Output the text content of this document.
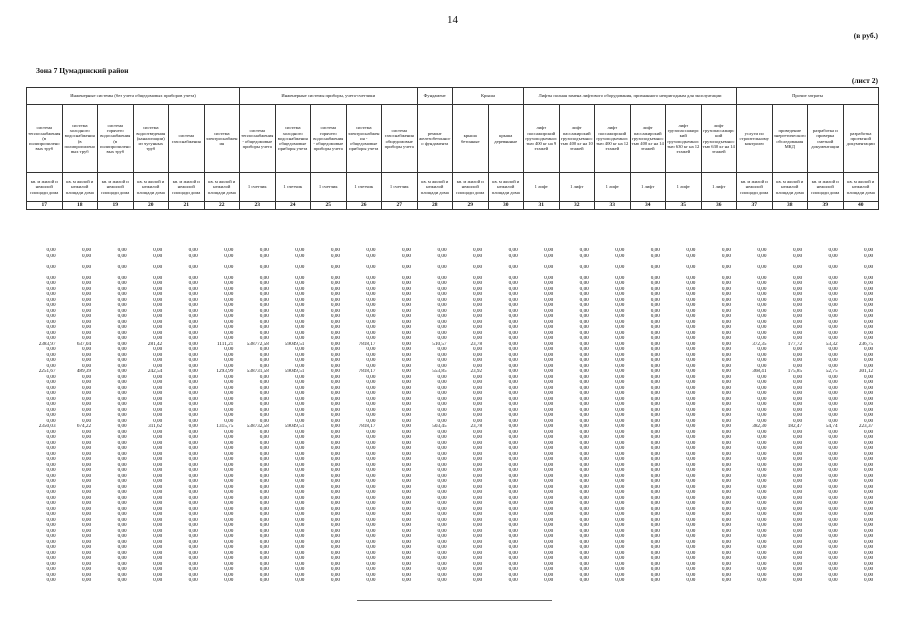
14
(в руб.)
Зона 7 Цумадинский район
(лист 2)
Инженерные системы (без учета общедомовых приборов учета)						Инженерные системы приборы, учета-счетчики					Фундамент	Крыша		Лифты полная замена лифтового оборудования, признанного непригодным для эксплуатации						Прочие затраты			
система теплоснабжения (в полипропиленовых труб	система холодного водоснабжения (в полипропиленовых труб	система горячего водоснабжения (в полипропиленовых труб	система водоотведения (канализации) из чугунных труб	система газоснабжения	система электроснабжения	система теплоснабжения - общедомовые приборы учета	система холодного водоснабжения общедомовые приборы учета	система горячего водоснабжения - общедомовые приборы учета	система электроснабжения - общедомовые приборы учета	система газоснабжения общедомовые приборы учета	ремонт железобетонного фундамента	крыша бетонные	крыша деревянные	лифт пассажирский грузоподъемностью 400 кг на 9 этажей	лифт пассажирский грузоподъемностью 400 кг на 10 этажей	лифт пассажирский грузоподъемностью 400 кг на 12 этажей	лифт пассажирский грузоподъемностью 400 кг на 14 этажей	лифт грузопассажирский грузоподъемностью 630 кг на 12 этажей	лифт грузопассажирский грузоподъемностью 630 кг на 14 этажей	услуги по строительному контролю	проведение энергетического обследования МКД	разработка и проверка сметной документации	разработка проектной документации
кв. м жилой и нежилой площади дома	кв. м жилой и нежилой площади дома	кв. м жилой и нежилой площади дома	кв. м жилой и нежилой площади дома	кв. м жилой и нежилой площади дома	кв. м жилой и нежилой площади дома	1 счетчик	1 счетчик	1 счетчик	1 счетчик	1 счетчик	кв. м жилой и нежилой площади дома	кв. м жилой и нежилой площади дома	кв. м жилой и нежилой площади дома	1 лифт	1 лифт	1 лифт	1 лифт	1 лифт	1 лифт	кв. м жилой и нежилой площади дома	кв. м жилой и нежилой площади дома	кв. м жилой и нежилой площади дома	кв. м жилой и нежилой площади дома
17	18	19	20	21	22	23	24	25	26	27	28	29	30	31	32	33	34	35	36	37	38	39	40
0,00	0,00	0,00	0,00	0,00	0,00	0,00	0,00	0,00	0,00	0,00	0,00	0,00	0,00	0,00	0,00	0,00	0,00	0,00	0,00	0,00	0,00	0,00	0,00
0,00	0,00	0,00	0,00	0,00	0,00	0,00	0,00	0,00	0,00	0,00	0,00	0,00	0,00	0,00	0,00	0,00	0,00	0,00	0,00	0,00	0,00	0,00	0,00
0,00	0,00	0,00	0,00	0,00	0,00	0,00	0,00	0,00	0,00	0,00	0,00	0,00	0,00	0,00	0,00	0,00	0,00	0,00	0,00	0,00	0,00	0,00	0,00
0,00	0,00	0,00	0,00	0,00	0,00	0,00	0,00	0,00	0,00	0,00	0,00	0,00	0,00	0,00	0,00	0,00	0,00	0,00	0,00	0,00	0,00	0,00	0,00
0,00	0,00	0,00	0,00	0,00	0,00	0,00	0,00	0,00	0,00	0,00	0,00	0,00	0,00	0,00	0,00	0,00	0,00	0,00	0,00	0,00	0,00	0,00	0,00
0,00	0,00	0,00	0,00	0,00	0,00	0,00	0,00	0,00	0,00	0,00	0,00	0,00	0,00	0,00	0,00	0,00	0,00	0,00	0,00	0,00	0,00	0,00	0,00
0,00	0,00	0,00	0,00	0,00	0,00	0,00	0,00	0,00	0,00	0,00	0,00	0,00	0,00	0,00	0,00	0,00	0,00	0,00	0,00	0,00	0,00	0,00	0,00
0,00	0,00	0,00	0,00	0,00	0,00	0,00	0,00	0,00	0,00	0,00	0,00	0,00	0,00	0,00	0,00	0,00	0,00	0,00	0,00	0,00	0,00	0,00	0,00
0,00	0,00	0,00	0,00	0,00	0,00	0,00	0,00	0,00	0,00	0,00	0,00	0,00	0,00	0,00	0,00	0,00	0,00	0,00	0,00	0,00	0,00	0,00	0,00
0,00	0,00	0,00	0,00	0,00	0,00	0,00	0,00	0,00	0,00	0,00	0,00	0,00	0,00	0,00	0,00	0,00	0,00	0,00	0,00	0,00	0,00	0,00	0,00
0,00	0,00	0,00	0,00	0,00	0,00	0,00	0,00	0,00	0,00	0,00	0,00	0,00	0,00	0,00	0,00	0,00	0,00	0,00	0,00	0,00	0,00	0,00	0,00
0,00	0,00	0,00	0,00	0,00	0,00	0,00	0,00	0,00	0,00	0,00	0,00	0,00	0,00	0,00	0,00	0,00	0,00	0,00	0,00	0,00	0,00	0,00	0,00
0,00	0,00	0,00	0,00	0,00	0,00	0,00	0,00	0,00	0,00	0,00	0,00	0,00	0,00	0,00	0,00	0,00	0,00	0,00	0,00	0,00	0,00	0,00	0,00
0,00	0,00	0,00	0,00	0,00	0,00	0,00	0,00	0,00	0,00	0,00	0,00	0,00	0,00	0,00	0,00	0,00	0,00	0,00	0,00	0,00	0,00	0,00	0,00
0,00	0,00	0,00	0,00	0,00	0,00	0,00	0,00	0,00	0,00	0,00	0,00	0,00	0,00	0,00	0,00	0,00	0,00	0,00	0,00	0,00	0,00	0,00	0,00
2383,97	637,04	0,00	281,42	0,00	1111,21	538772,58	59049,51	0,00	7818,17	0,00	510,57	23,78	0,00	0,00	0,00	0,00	0,00	0,00	0,00	372,35	177,72	53,32	236,75
0,00	0,00	0,00	0,00	0,00	0,00	0,00	0,00	0,00	0,00	0,00	0,00	0,00	0,00	0,00	0,00	0,00	0,00	0,00	0,00	0,00	0,00	0,00	0,00
0,00	0,00	0,00	0,00	0,00	0,00	0,00	0,00	0,00	0,00	0,00	0,00	0,00	0,00	0,00	0,00	0,00	0,00	0,00	0,00	0,00	0,00	0,00	0,00
0,00	0,00	0,00	0,00	0,00	0,00	0,00	0,00	0,00	0,00	0,00	0,00	0,00	0,00	0,00	0,00	0,00	0,00	0,00	0,00	0,00	0,00	0,00	0,00
0,00	0,00	0,00	0,00	0,00	0,00	0,00	0,00	0,00	0,00	0,00	0,00	0,00	0,00	0,00	0,00	0,00	0,00	0,00	0,00	0,00	0,00	0,00	0,00
2251,67	489,39	0,00	242,54	0,00	1293,99	538731,58	59049,51	0,00	7818,17	0,00	553,85	23,92	0,00	0,00	0,00	0,00	0,00	0,00	0,00	368,41	175,85	52,75	301,12
0,00	0,00	0,00	0,00	0,00	0,00	0,00	0,00	0,00	0,00	0,00	0,00	0,00	0,00	0,00	0,00	0,00	0,00	0,00	0,00	0,00	0,00	0,00	0,00
0,00	0,00	0,00	0,00	0,00	0,00	0,00	0,00	0,00	0,00	0,00	0,00	0,00	0,00	0,00	0,00	0,00	0,00	0,00	0,00	0,00	0,00	0,00	0,00
0,00	0,00	0,00	0,00	0,00	0,00	0,00	0,00	0,00	0,00	0,00	0,00	0,00	0,00	0,00	0,00	0,00	0,00	0,00	0,00	0,00	0,00	0,00	0,00
0,00	0,00	0,00	0,00	0,00	0,00	0,00	0,00	0,00	0,00	0,00	0,00	0,00	0,00	0,00	0,00	0,00	0,00	0,00	0,00	0,00	0,00	0,00	0,00
0,00	0,00	0,00	0,00	0,00	0,00	0,00	0,00	0,00	0,00	0,00	0,00	0,00	0,00	0,00	0,00	0,00	0,00	0,00	0,00	0,00	0,00	0,00	0,00
0,00	0,00	0,00	0,00	0,00	0,00	0,00	0,00	0,00	0,00	0,00	0,00	0,00	0,00	0,00	0,00	0,00	0,00	0,00	0,00	0,00	0,00	0,00	0,00
0,00	0,00	0,00	0,00	0,00	0,00	0,00	0,00	0,00	0,00	0,00	0,00	0,00	0,00	0,00	0,00	0,00	0,00	0,00	0,00	0,00	0,00	0,00	0,00
0,00	0,00	0,00	0,00	0,00	0,00	0,00	0,00	0,00	0,00	0,00	0,00	0,00	0,00	0,00	0,00	0,00	0,00	0,00	0,00	0,00	0,00	0,00	0,00
0,00	0,00	0,00	0,00	0,00	0,00	0,00	0,00	0,00	0,00	0,00	0,00	0,00	0,00	0,00	0,00	0,00	0,00	0,00	0,00	0,00	0,00	0,00	0,00
2350,03	674,22	0,00	311,62	0,00	1315,75	538732,58	59049,51	0,00	7818,17	0,00	503,45	23,78	0,00	0,00	0,00	0,00	0,00	0,00	0,00	382,30	182,47	54,74	223,37
0,00	0,00	0,00	0,00	0,00	0,00	0,00	0,00	0,00	0,00	0,00	0,00	0,00	0,00	0,00	0,00	0,00	0,00	0,00	0,00	0,00	0,00	0,00	0,00
0,00	0,00	0,00	0,00	0,00	0,00	0,00	0,00	0,00	0,00	0,00	0,00	0,00	0,00	0,00	0,00	0,00	0,00	0,00	0,00	0,00	0,00	0,00	0,00
0,00	0,00	0,00	0,00	0,00	0,00	0,00	0,00	0,00	0,00	0,00	0,00	0,00	0,00	0,00	0,00	0,00	0,00	0,00	0,00	0,00	0,00	0,00	0,00
0,00	0,00	0,00	0,00	0,00	0,00	0,00	0,00	0,00	0,00	0,00	0,00	0,00	0,00	0,00	0,00	0,00	0,00	0,00	0,00	0,00	0,00	0,00	0,00
0,00	0,00	0,00	0,00	0,00	0,00	0,00	0,00	0,00	0,00	0,00	0,00	0,00	0,00	0,00	0,00	0,00	0,00	0,00	0,00	0,00	0,00	0,00	0,00
0,00	0,00	0,00	0,00	0,00	0,00	0,00	0,00	0,00	0,00	0,00	0,00	0,00	0,00	0,00	0,00	0,00	0,00	0,00	0,00	0,00	0,00	0,00	0,00
0,00	0,00	0,00	0,00	0,00	0,00	0,00	0,00	0,00	0,00	0,00	0,00	0,00	0,00	0,00	0,00	0,00	0,00	0,00	0,00	0,00	0,00	0,00	0,00
0,00	0,00	0,00	0,00	0,00	0,00	0,00	0,00	0,00	0,00	0,00	0,00	0,00	0,00	0,00	0,00	0,00	0,00	0,00	0,00	0,00	0,00	0,00	0,00
0,00	0,00	0,00	0,00	0,00	0,00	0,00	0,00	0,00	0,00	0,00	0,00	0,00	0,00	0,00	0,00	0,00	0,00	0,00	0,00	0,00	0,00	0,00	0,00
0,00	0,00	0,00	0,00	0,00	0,00	0,00	0,00	0,00	0,00	0,00	0,00	0,00	0,00	0,00	0,00	0,00	0,00	0,00	0,00	0,00	0,00	0,00	0,00
0,00	0,00	0,00	0,00	0,00	0,00	0,00	0,00	0,00	0,00	0,00	0,00	0,00	0,00	0,00	0,00	0,00	0,00	0,00	0,00	0,00	0,00	0,00	0,00
0,00	0,00	0,00	0,00	0,00	0,00	0,00	0,00	0,00	0,00	0,00	0,00	0,00	0,00	0,00	0,00	0,00	0,00	0,00	0,00	0,00	0,00	0,00	0,00
0,00	0,00	0,00	0,00	0,00	0,00	0,00	0,00	0,00	0,00	0,00	0,00	0,00	0,00	0,00	0,00	0,00	0,00	0,00	0,00	0,00	0,00	0,00	0,00
0,00	0,00	0,00	0,00	0,00	0,00	0,00	0,00	0,00	0,00	0,00	0,00	0,00	0,00	0,00	0,00	0,00	0,00	0,00	0,00	0,00	0,00	0,00	0,00
0,00	0,00	0,00	0,00	0,00	0,00	0,00	0,00	0,00	0,00	0,00	0,00	0,00	0,00	0,00	0,00	0,00	0,00	0,00	0,00	0,00	0,00	0,00	0,00
0,00	0,00	0,00	0,00	0,00	0,00	0,00	0,00	0,00	0,00	0,00	0,00	0,00	0,00	0,00	0,00	0,00	0,00	0,00	0,00	0,00	0,00	0,00	0,00
0,00	0,00	0,00	0,00	0,00	0,00	0,00	0,00	0,00	0,00	0,00	0,00	0,00	0,00	0,00	0,00	0,00	0,00	0,00	0,00	0,00	0,00	0,00	0,00
0,00	0,00	0,00	0,00	0,00	0,00	0,00	0,00	0,00	0,00	0,00	0,00	0,00	0,00	0,00	0,00	0,00	0,00	0,00	0,00	0,00	0,00	0,00	0,00
0,00	0,00	0,00	0,00	0,00	0,00	0,00	0,00	0,00	0,00	0,00	0,00	0,00	0,00	0,00	0,00	0,00	0,00	0,00	0,00	0,00	0,00	0,00	0,00
0,00	0,00	0,00	0,00	0,00	0,00	0,00	0,00	0,00	0,00	0,00	0,00	0,00	0,00	0,00	0,00	0,00	0,00	0,00	0,00	0,00	0,00	0,00	0,00
0,00	0,00	0,00	0,00	0,00	0,00	0,00	0,00	0,00	0,00	0,00	0,00	0,00	0,00	0,00	0,00	0,00	0,00	0,00	0,00	0,00	0,00	0,00	0,00
0,00	0,00	0,00	0,00	0,00	0,00	0,00	0,00	0,00	0,00	0,00	0,00	0,00	0,00	0,00	0,00	0,00	0,00	0,00	0,00	0,00	0,00	0,00	0,00
0,00	0,00	0,00	0,00	0,00	0,00	0,00	0,00	0,00	0,00	0,00	0,00	0,00	0,00	0,00	0,00	0,00	0,00	0,00	0,00	0,00	0,00	0,00	0,00
0,00	0,00	0,00	0,00	0,00	0,00	0,00	0,00	0,00	0,00	0,00	0,00	0,00	0,00	0,00	0,00	0,00	0,00	0,00	0,00	0,00	0,00	0,00	0,00
0,00	0,00	0,00	0,00	0,00	0,00	0,00	0,00	0,00	0,00	0,00	0,00	0,00	0,00	0,00	0,00	0,00	0,00	0,00	0,00	0,00	0,00	0,00	0,00
0,00	0,00	0,00	0,00	0,00	0,00	0,00	0,00	0,00	0,00	0,00	0,00	0,00	0,00	0,00	0,00	0,00	0,00	0,00	0,00	0,00	0,00	0,00	0,00
0,00	0,00	0,00	0,00	0,00	0,00	0,00	0,00	0,00	0,00	0,00	0,00	0,00	0,00	0,00	0,00	0,00	0,00	0,00	0,00	0,00	0,00	0,00	0,00
0,00	0,00	0,00	0,00	0,00	0,00	0,00	0,00	0,00	0,00	0,00	0,00	0,00	0,00	0,00	0,00	0,00	0,00	0,00	0,00	0,00	0,00	0,00	0,00
